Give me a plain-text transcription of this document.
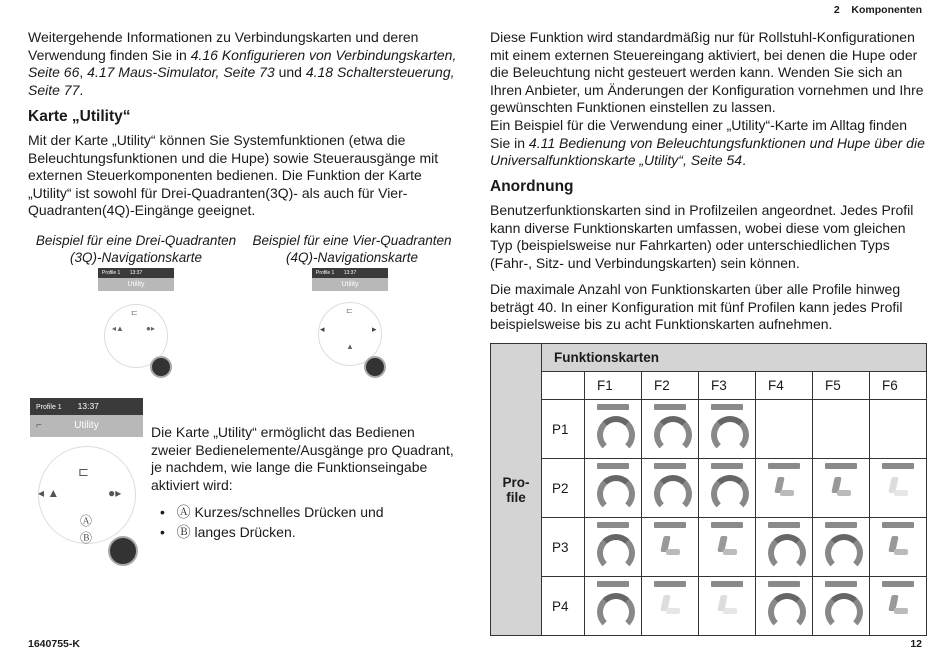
2 Komponenten
Weitergehende Informationen zu Verbindungskarten und deren Verwendung finden Sie in 4.16 Konfigurieren von Verbindungskarten, Seite 66, 4.17 Maus-Simulator, Seite 73 und 4.18 Schaltersteuerung, Seite 77.
Karte „Utility“
Mit der Karte „Utility“ können Sie Systemfunktionen (etwa die Beleuchtungsfunktionen und die Hupe) sowie Steuerausgänge mit externen Steuerkomponenten bedienen. Die Funktion der Karte „Utility“ ist sowohl für Drei-Quadranten(3Q)- als auch für Vier-Quadranten(4Q)-Eingänge geeignet.
Beispiel für eine Drei-Quadranten (3Q)-Navigationskarte
Beispiel für eine Vier-Quadranten (4Q)-Navigationskarte
Profile 1 13:37
Utility
⊏
◂▲	●▸
Profile 1 13:37
Utility
⊏
◂	▸
▲
Profile 1 13:37
⌐	Utility
⊏
◂ ▲	●▸
Ⓐ
Ⓑ
Die Karte „Utility“ ermöglicht das Bedienen zweier Bedienelemente/Ausgänge pro Quadrant, je nachdem, wie lange die Funktionseingabe aktiviert wird:
•   Ⓐ Kurzes/schnelles Drücken und
•   Ⓑ langes Drücken.
Diese Funktion wird standardmäßig nur für Rollstuhl-Konfigurationen mit einem externen Steuereingang aktiviert, bei denen die Hupe oder die Beleuchtung nicht gesteuert werden kann. Wenden Sie sich an Ihren Anbieter, um Änderungen der Konfiguration vornehmen und Ihre gewünschten Funktionen einstellen zu lassen.
Ein Beispiel für die Verwendung einer „Utility“-Karte im Alltag finden Sie in 4.11 Bedienung von Beleuchtungsfunktionen und Hupe über die Universalfunktionskarte „Utility“, Seite 54.
Anordnung
Benutzerfunktionskarten sind in Profilzeilen angeordnet. Jedes Profil kann diverse Funktionskarten umfassen, wobei diese vom gleichen Typ (beispielsweise nur Fahrkarten) oder unterschiedlichen Typs (Fahr-, Sitz- und Verbindungskarten) sein können.
Die maximale Anzahl von Funktionskarten über alle Profile hinweg beträgt 40. In einer Konfiguration mit fünf Profilen kann jedes Profil beispielsweise bis zu acht Funktionskarten aufnehmen.
Pro-
file	Funktionskarten						
		F1	F2	F3	F4	F5	F6
	P1	

	P2	

	P3	

	P4	

1640755-K	12
